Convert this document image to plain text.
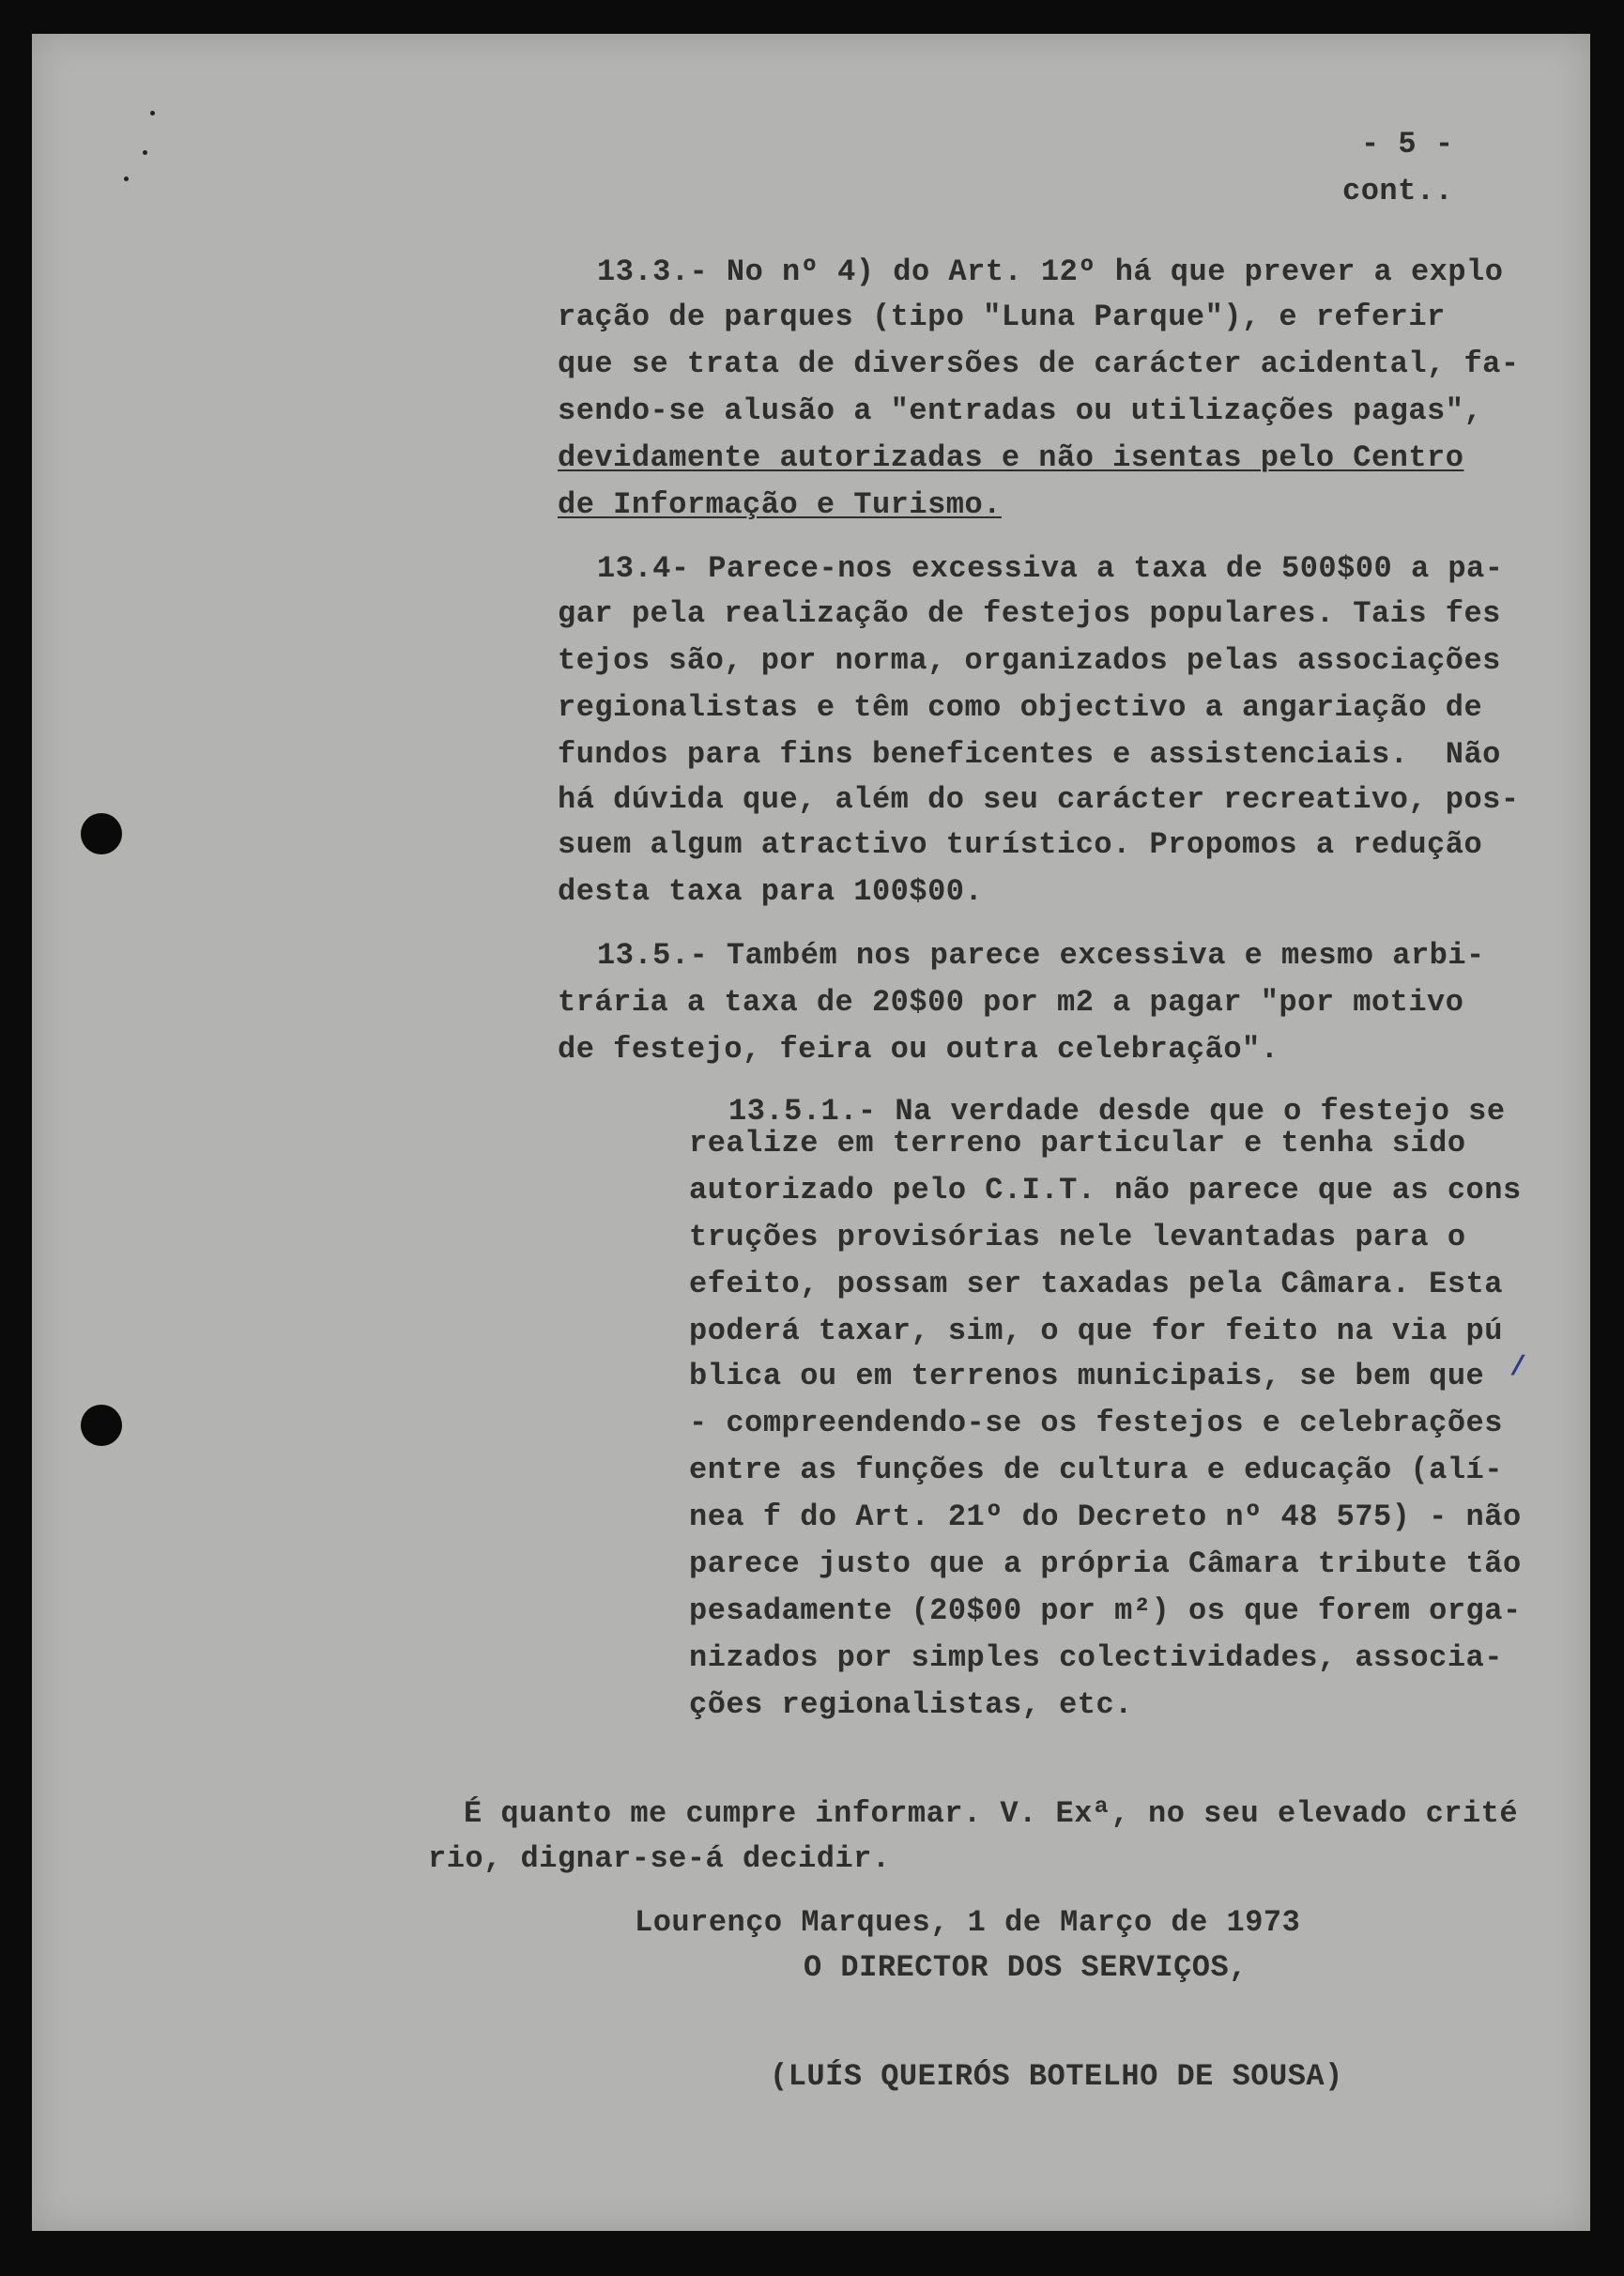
- 5 -
cont..
13.3.- No nº 4) do Art. 12º há que prever a explo
ração de parques (tipo "Luna Parque"), e referir
que se trata de diversões de carácter acidental, fa-
sendo-se alusão a "entradas ou utilizações pagas",
devidamente autorizadas e não isentas pelo Centro
de Informação e Turismo.
13.4- Parece-nos excessiva a taxa de 500$00 a pa-
gar pela realização de festejos populares. Tais fes
tejos são, por norma, organizados pelas associações
regionalistas e têm como objectivo a angariação de
fundos para fins beneficentes e assistenciais.  Não
há dúvida que, além do seu carácter recreativo, pos-
suem algum atractivo turístico. Propomos a redução
desta taxa para 100$00.
13.5.- Também nos parece excessiva e mesmo arbi-
trária a taxa de 20$00 por m2 a pagar "por motivo
de festejo, feira ou outra celebração".
13.5.1.- Na verdade desde que o festejo se
realize em terreno particular e tenha sido
autorizado pelo C.I.T. não parece que as cons
truções provisórias nele levantadas para o
efeito, possam ser taxadas pela Câmara. Esta
poderá taxar, sim, o que for feito na via pú
blica ou em terrenos municipais, se bem que
- compreendendo-se os festejos e celebrações
entre as funções de cultura e educação (alí-
nea f do Art. 21º do Decreto nº 48 575) - não
parece justo que a própria Câmara tribute tão
pesadamente (20$00 por m²) os que forem orga-
nizados por simples colectividades, associa-
ções regionalistas, etc.
/
É quanto me cumpre informar. V. Exª, no seu elevado crité
rio, dignar-se-á decidir.
Lourenço Marques, 1 de Março de 1973
O DIRECTOR DOS SERVIÇOS,
(LUÍS QUEIRÓS BOTELHO DE SOUSA)
